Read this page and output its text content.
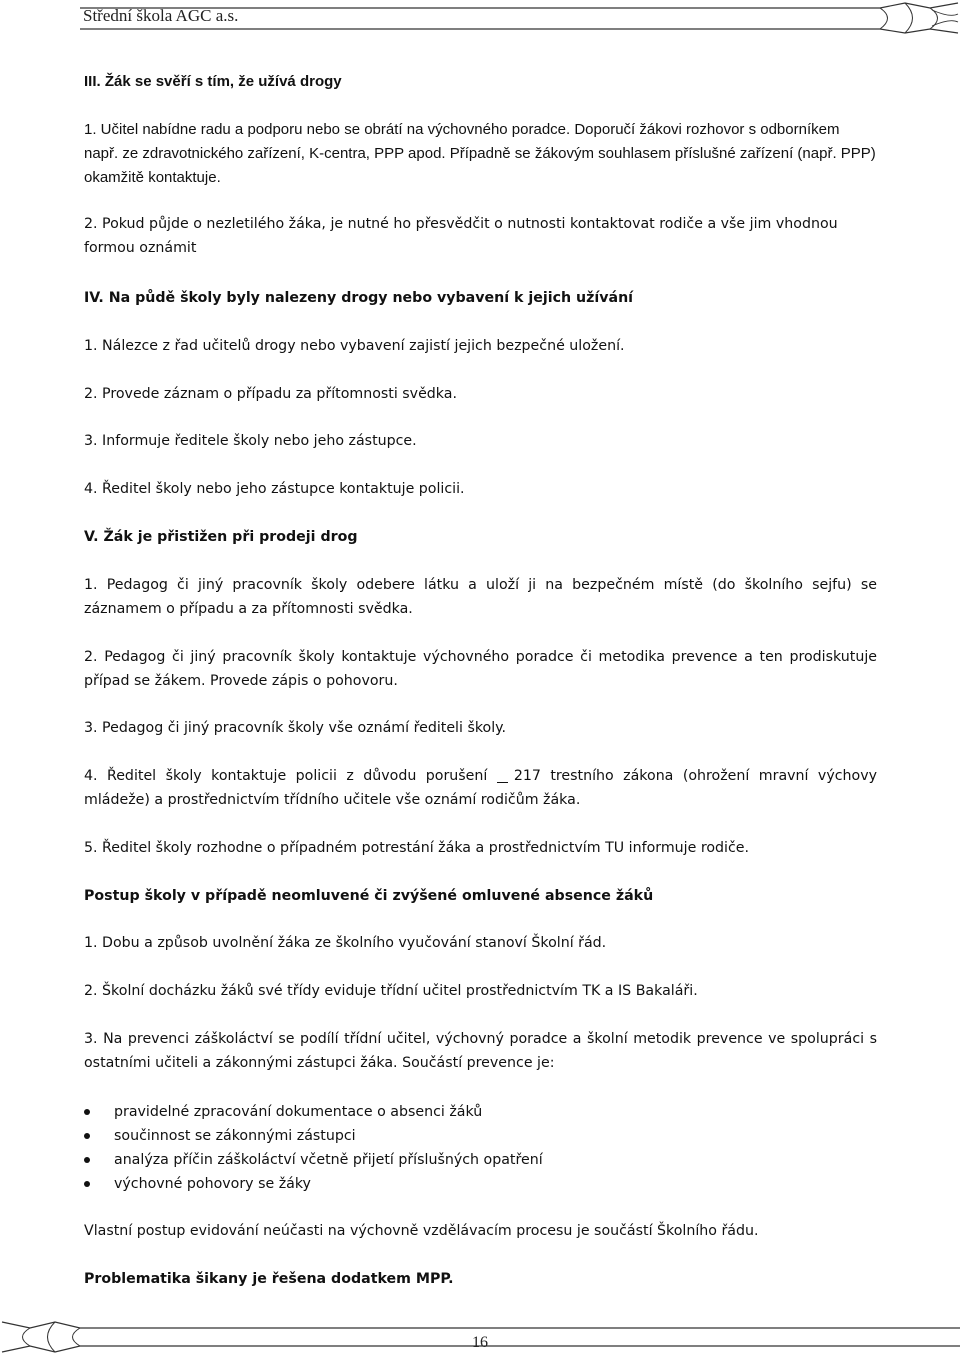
Střední škola AGC a.s.

III. Žák se svěří s tím, že užívá drogy

1. Učitel nabídne radu a podporu nebo se obrátí na výchovného poradce. Doporučí žákovi rozhovor s odborníkem např. ze zdravotnického zařízení, K-centra, PPP apod. Případně se žákovým souhlasem příslušné zařízení (např. PPP) okamžitě kontaktuje.

2. Pokud půjde o nezletilého žáka, je nutné ho přesvědčit o nutnosti kontaktovat rodiče a vše jim vhodnou formou oznámit

IV. Na půdě školy byly nalezeny drogy nebo vybavení k jejich užívání

1. Nálezce z řad učitelů drogy nebo vybavení zajistí jejich bezpečné uložení.

2. Provede záznam o případu za přítomnosti svědka.

3. Informuje ředitele školy nebo jeho zástupce.

4. Ředitel školy nebo jeho zástupce kontaktuje policii.

V. Žák je přistižen při prodeji drog

1. Pedagog či jiný pracovník školy odebere látku a uloží ji na bezpečném místě (do školního sejfu) se záznamem o případu a za přítomnosti svědka.

2. Pedagog či jiný pracovník školy kontaktuje výchovného poradce či metodika prevence a ten prodiskutuje případ se žákem. Provede zápis o pohovoru.

3. Pedagog či jiný pracovník školy vše oznámí řediteli školy.

4. Ředitel školy kontaktuje policii z důvodu porušení 217 trestního zákona (ohrožení mravní výchovy mládeže) a prostřednictvím třídního učitele vše oznámí rodičům žáka.

5. Ředitel školy rozhodne o případném potrestání žáka a prostřednictvím TU informuje rodiče.

Postup školy v případě neomluvené či zvýšené omluvené absence žáků

1. Dobu a způsob uvolnění žáka ze školního vyučování stanoví Školní řád.

2. Školní docházku žáků své třídy eviduje třídní učitel prostřednictvím TK a IS Bakaláři.

3. Na prevenci záškoláctví se podílí třídní učitel, výchovný poradce a školní metodik prevence ve spolupráci s ostatními učiteli a zákonnými zástupci žáka. Součástí prevence je:

pravidelné zpracování dokumentace o absenci žáků
součinnost se zákonnými zástupci
analýza příčin záškoláctví včetně přijetí příslušných opatření
výchovné pohovory se žáky

Vlastní postup evidování neúčasti na výchovně vzdělávacím procesu je součástí Školního řádu.

Problematika šikany je řešena dodatkem MPP.

16
